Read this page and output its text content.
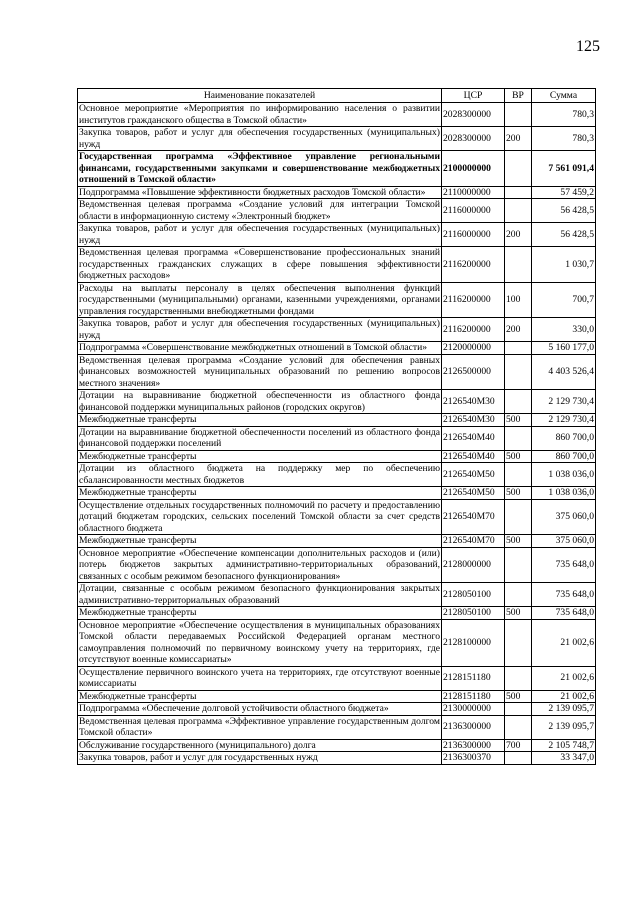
125
Наименование показателей	ЦСР	ВР	Сумма
Основное мероприятие «Мероприятия по информированию населения о развитии институтов гражданского общества в Томской области»	2028300000		780,3
Закупка товаров, работ и услуг для обеспечения государственных (муниципальных) нужд	2028300000	200	780,3
Государственная программа «Эффективное управление региональными финансами, государственными закупками и совершенствование межбюджетных отношений в Томской области»	2100000000		7 561 091,4
Подпрограмма «Повышение эффективности бюджетных расходов Томской области»	2110000000		57 459,2
Ведомственная целевая программа «Создание условий для интеграции Томской области в информационную систему «Электронный бюджет»	2116000000		56 428,5
Закупка товаров, работ и услуг для обеспечения государственных (муниципальных) нужд	2116000000	200	56 428,5
Ведомственная целевая программа «Совершенствование профессиональных знаний государственных гражданских служащих в сфере повышения эффективности бюджетных расходов»	2116200000		1 030,7
Расходы на выплаты персоналу в целях обеспечения выполнения функций государственными (муниципальными) органами, казенными учреждениями, органами управления государственными внебюджетными фондами	2116200000	100	700,7
Закупка товаров, работ и услуг для обеспечения государственных (муниципальных) нужд	2116200000	200	330,0
Подпрограмма «Совершенствование межбюджетных отношений в Томской области»	2120000000		5 160 177,0
Ведомственная целевая программа «Создание условий для обеспечения равных финансовых возможностей муниципальных образований по решению вопросов местного значения»	2126500000		4 403 526,4
Дотации на выравнивание бюджетной обеспеченности из областного фонда финансовой поддержки муниципальных районов (городских округов)	2126540М30		2 129 730,4
Межбюджетные трансферты	2126540М30	500	2 129 730,4
Дотации на выравнивание бюджетной обеспеченности поселений из областного фонда финансовой поддержки поселений	2126540М40		860 700,0
Межбюджетные трансферты	2126540М40	500	860 700,0
Дотации из областного бюджета на поддержку мер по обеспечению сбалансированности местных бюджетов	2126540М50		1 038 036,0
Межбюджетные трансферты	2126540М50	500	1 038 036,0
Осуществление отдельных государственных полномочий по расчету и предоставлению дотаций бюджетам городских, сельских поселений Томской области за счет средств областного бюджета	2126540М70		375 060,0
Межбюджетные трансферты	2126540М70	500	375 060,0
Основное мероприятие «Обеспечение компенсации дополнительных расходов и (или) потерь бюджетов закрытых административно-территориальных образований, связанных с особым режимом безопасного функционирования»	2128000000		735 648,0
Дотации, связанные с особым режимом безопасного функционирования закрытых административно-территориальных образований	2128050100		735 648,0
Межбюджетные трансферты	2128050100	500	735 648,0
Основное мероприятие «Обеспечение осуществления в муниципальных образованиях Томской области передаваемых Российской Федерацией органам местного самоуправления полномочий по первичному воинскому учету на территориях, где отсутствуют военные комиссариаты»	2128100000		21 002,6
Осуществление первичного воинского учета на территориях, где отсутствуют военные комиссариаты	2128151180		21 002,6
Межбюджетные трансферты	2128151180	500	21 002,6
Подпрограмма «Обеспечение долговой устойчивости областного бюджета»	2130000000		2 139 095,7
Ведомственная целевая программа «Эффективное управление государственным долгом Томской области»	2136300000		2 139 095,7
Обслуживание государственного (муниципального) долга	2136300000	700	2 105 748,7
Закупка товаров, работ и услуг для государственных нужд	2136300370		33 347,0
